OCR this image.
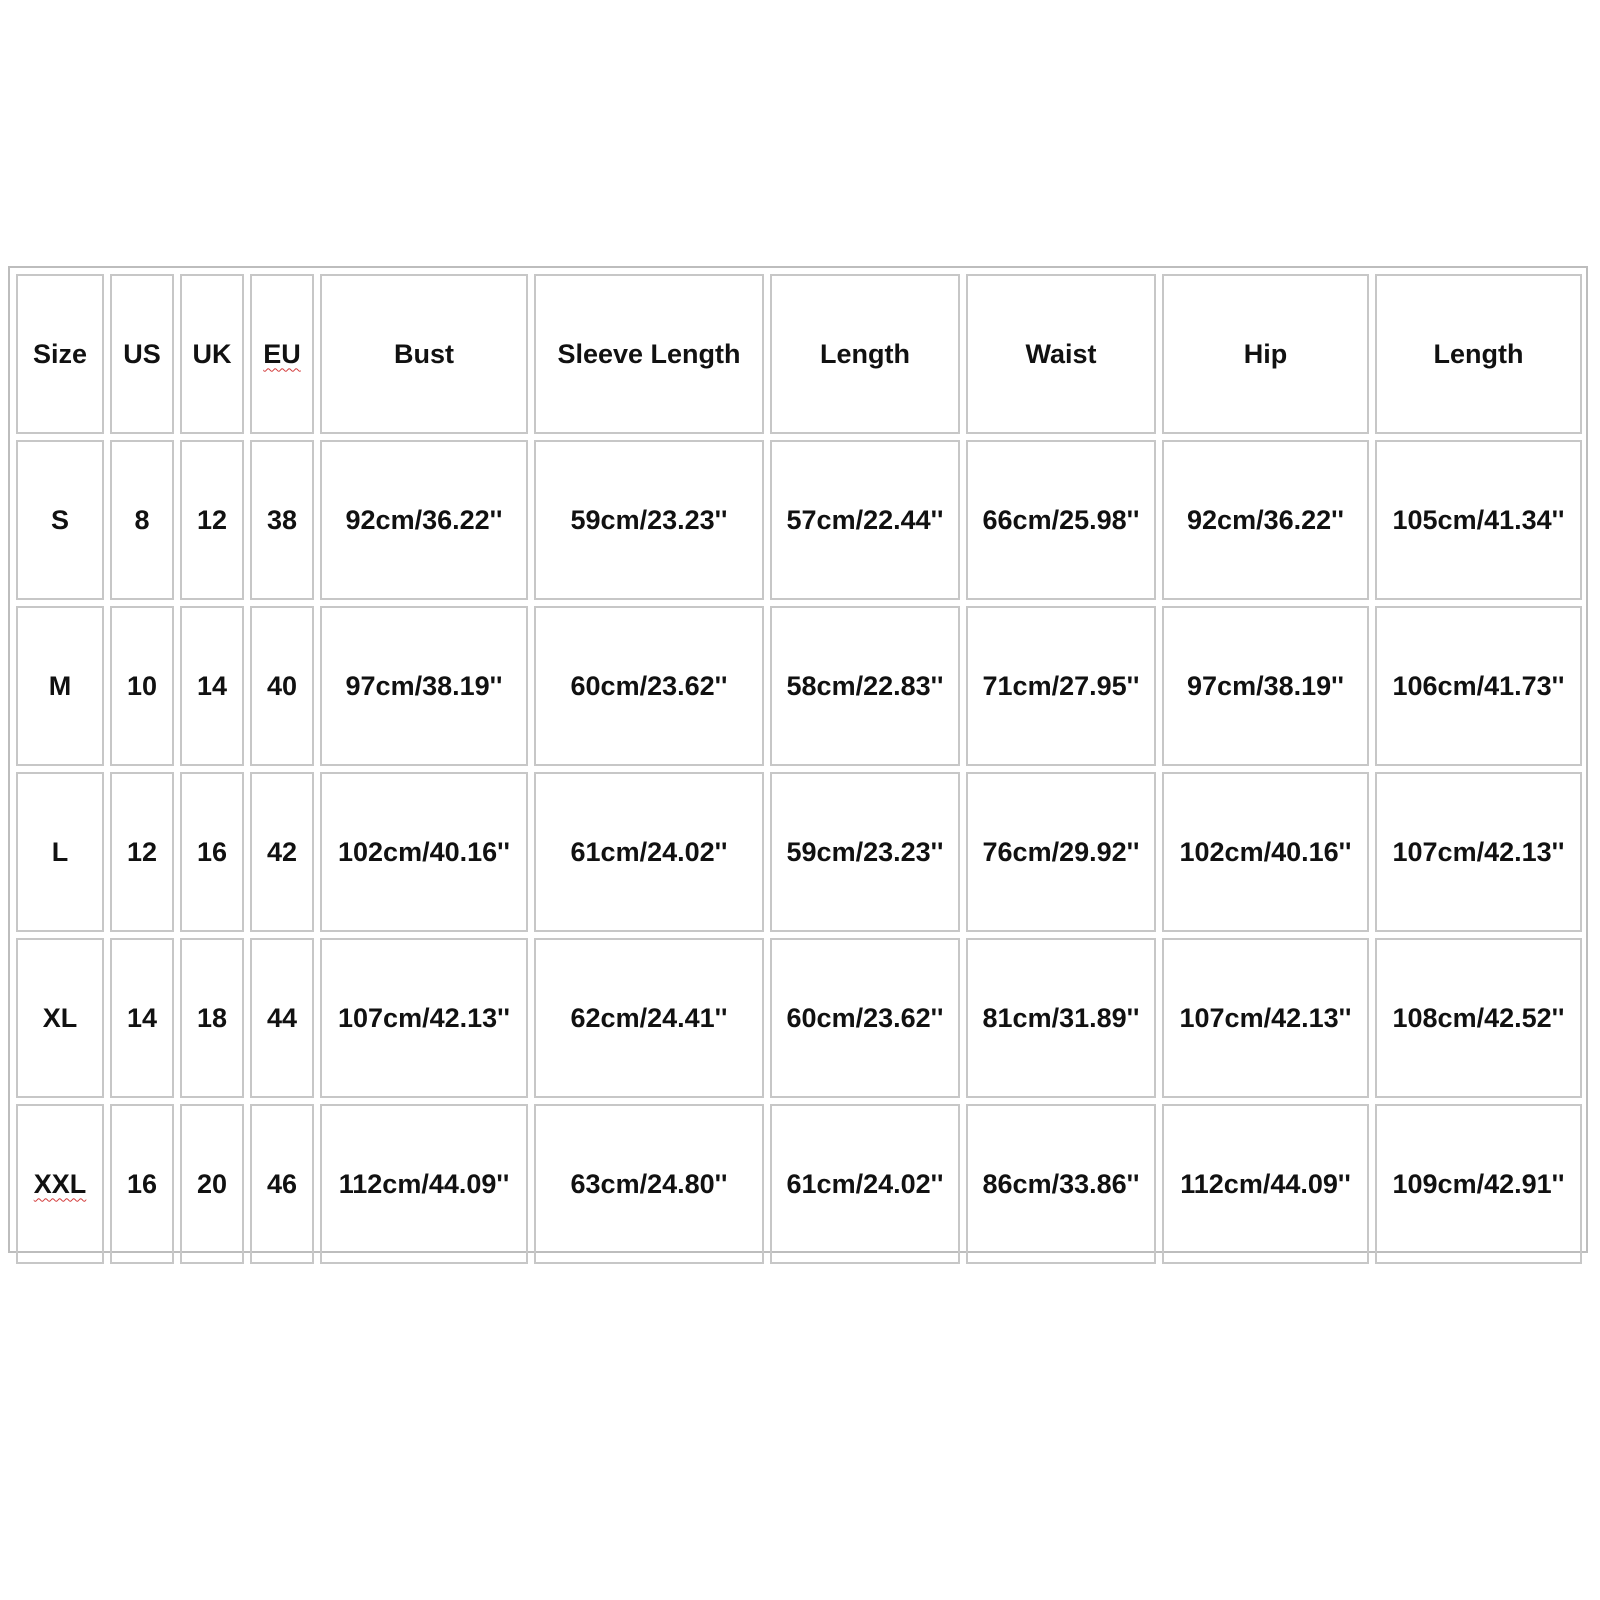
Size	US	UK	EU	Bust	Sleeve Length	Length	Waist	Hip	Length
S	8	12	38	92cm/36.22''	59cm/23.23''	57cm/22.44''	66cm/25.98''	92cm/36.22''	105cm/41.34''
M	10	14	40	97cm/38.19''	60cm/23.62''	58cm/22.83''	71cm/27.95''	97cm/38.19''	106cm/41.73''
L	12	16	42	102cm/40.16''	61cm/24.02''	59cm/23.23''	76cm/29.92''	102cm/40.16''	107cm/42.13''
XL	14	18	44	107cm/42.13''	62cm/24.41''	60cm/23.62''	81cm/31.89''	107cm/42.13''	108cm/42.52''
XXL	16	20	46	112cm/44.09''	63cm/24.80''	61cm/24.02''	86cm/33.86''	112cm/44.09''	109cm/42.91''
